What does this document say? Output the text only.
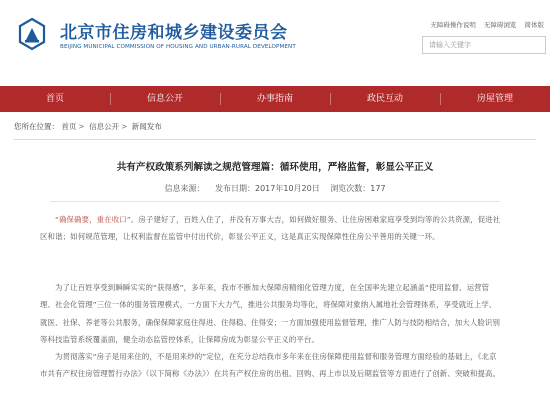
北京市住房和城乡建设委员会
BEIJING MUNICIPAL COMMISSION OF HOUSING AND URBAN-RURAL DEVELOPMENT
无障碍操作说明 无障碍浏览 简体版
请输入关键字
首页	信息公开	办事指南	政民互动	房屋管理
您所在位置： 首页 > 信息公开 > 新闻发布
共有产权政策系列解读之规范管理篇：循环使用，严格监督，彰显公平正义
信息来源： 发布日期：2017年10月20日 浏览次数：177
“确保确要，重在收口”。房子建好了，百姓入住了，并没有万事大吉，如何做好服务、让住房困难家庭享受到均等的公共资源，促进社区和谐；如何规范管理，让权利监督在监管中付出代价，彰显公平正义，这是真正实现保障性住房公平善用的关键一环。
为了让百姓享受到瞬瞬实实的“获得感”，多年来，我市不断加大保障房精细化管理力度，在全国率先建立起涵盖“使用监督、运营管理、社会化管理”三位一体的服务管理模式，一方面下大力气，推进公共服务均等化，将保障对象纳入属地社会管理体系，享受就近上学、就医、社保、养老等公共服务，确保保障家庭住得进、住得稳、住得安；一方面加强使用监督管理，推广人防与技防相结合，加大人脸识别等科技监管系统覆盖面，健全动态监管控体系，让保障房成为彰显公平正义的平台。
为贯彻落实“房子是用来住的，不是用来炒的”定位，在充分总结我市多年来在住房保障使用监督和服务管理方面经验的基础上，《北京市共有产权住房管理暂行办法》（以下简称《办法》）在共有产权住房的出租、回购、再上市以及后期监管等方面进行了创新、突破和提高。
